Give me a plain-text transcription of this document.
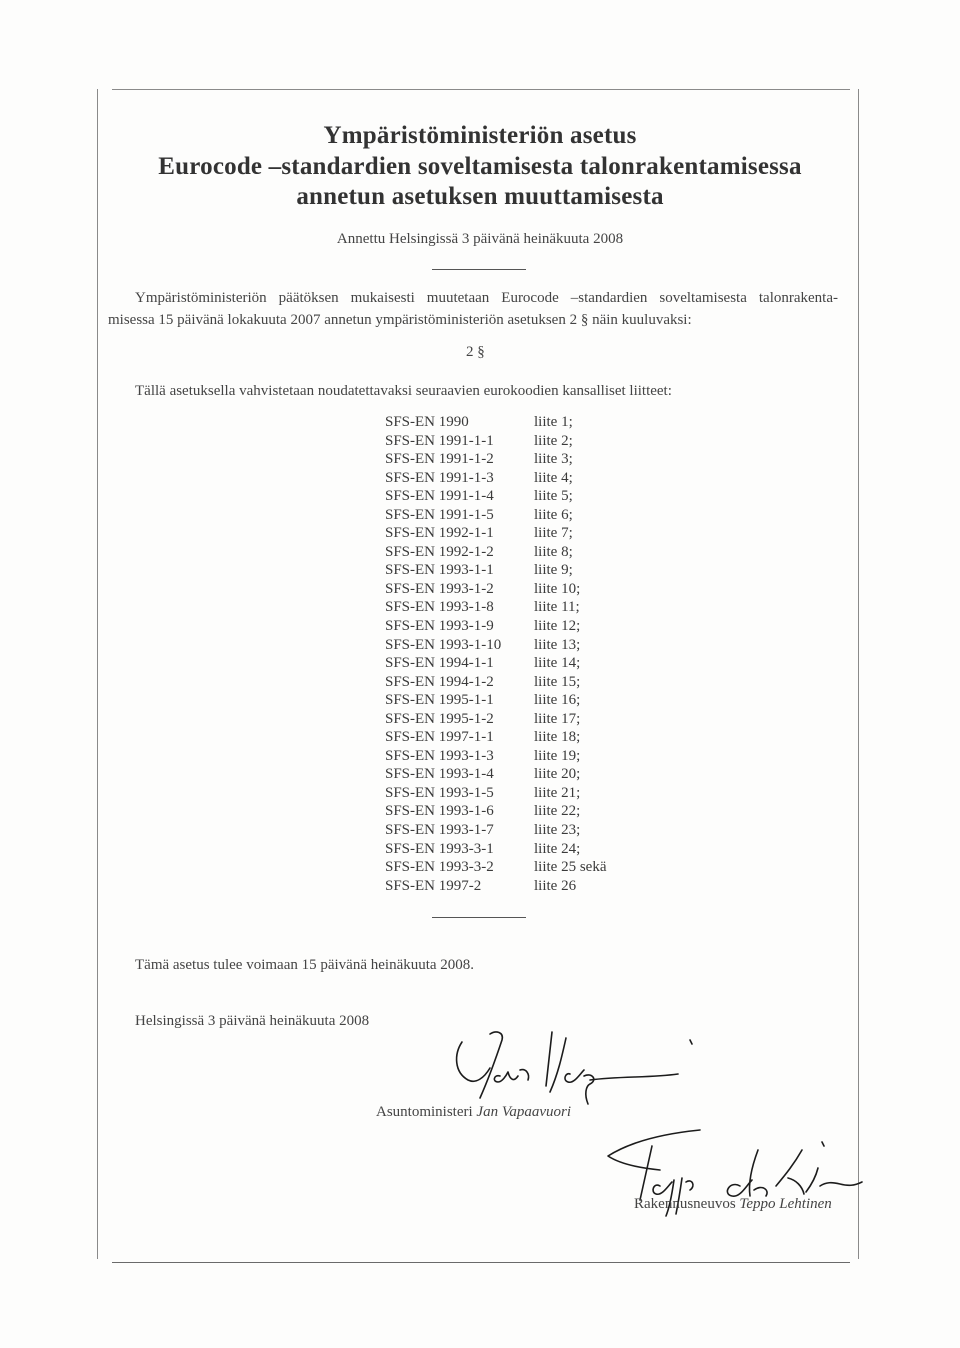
Ympäristöministeriön asetus
Eurocode –standardien soveltamisesta talonrakentamisessa
annetun asetuksen muuttamisesta
Annettu Helsingissä 3 päivänä heinäkuuta 2008
Ympäristöministeriön päätöksen mukaisesti muutetaan Eurocode –standardien soveltamisesta talonrakenta-
misessa 15 päivänä lokakuuta 2007 annetun ympäristöministeriön asetuksen 2 § näin kuuluvaksi:
2 §
Tällä asetuksella vahvistetaan noudatettavaksi seuraavien eurokoodien kansalliset liitteet:
SFS-EN 1990	liite 1;
SFS-EN 1991-1-1	liite 2;
SFS-EN 1991-1-2	liite 3;
SFS-EN 1991-1-3	liite 4;
SFS-EN 1991-1-4	liite 5;
SFS-EN 1991-1-5	liite 6;
SFS-EN 1992-1-1	liite 7;
SFS-EN 1992-1-2	liite 8;
SFS-EN 1993-1-1	liite 9;
SFS-EN 1993-1-2	liite 10;
SFS-EN 1993-1-8	liite 11;
SFS-EN 1993-1-9	liite 12;
SFS-EN 1993-1-10	liite 13;
SFS-EN 1994-1-1	liite 14;
SFS-EN 1994-1-2	liite 15;
SFS-EN 1995-1-1	liite 16;
SFS-EN 1995-1-2	liite 17;
SFS-EN 1997-1-1	liite 18;
SFS-EN 1993-1-3	liite 19;
SFS-EN 1993-1-4	liite 20;
SFS-EN 1993-1-5	liite 21;
SFS-EN 1993-1-6	liite 22;
SFS-EN 1993-1-7	liite 23;
SFS-EN 1993-3-1	liite 24;
SFS-EN 1993-3-2	liite 25 sekä
SFS-EN 1997-2	liite 26
Tämä asetus tulee voimaan 15 päivänä heinäkuuta 2008.
Helsingissä 3 päivänä heinäkuuta 2008
Asuntoministeri Jan Vapaavuori
Rakennusneuvos Teppo Lehtinen
